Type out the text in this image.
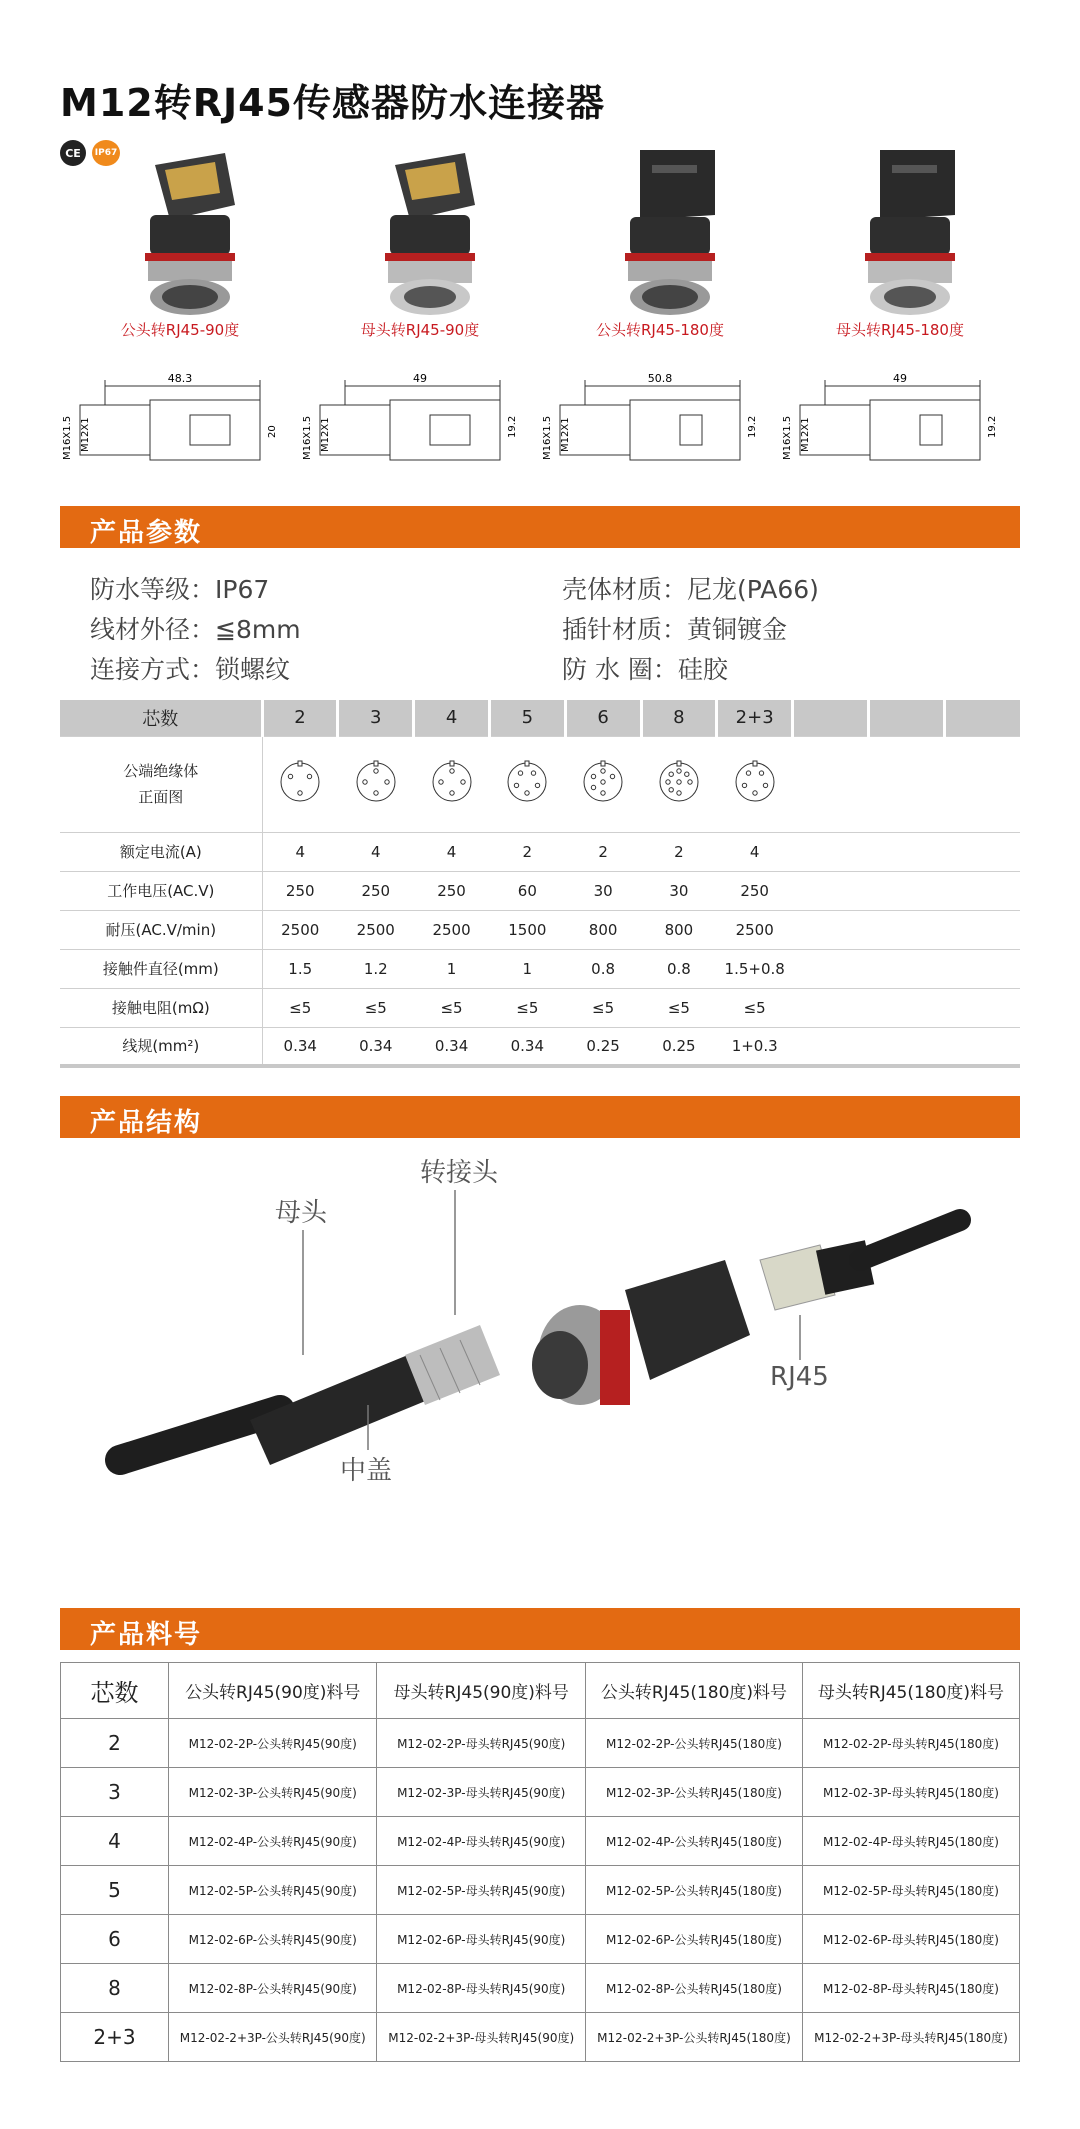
M12转RJ45传感器防水连接器
CE	IP67
公头转RJ45-90度	母头转RJ45-90度	公头转RJ45-180度	母头转RJ45-180度
48.3
M16X1.5 M12X1	20
49
M16X1.5 M12X1	19.2
50.8
M16X1.5 M12X1	19.2
49
M16X1.5 M12X1	19.2
产品参数
防水等级：IP67	壳体材质：尼龙(PA66)
线材外径：≦8mm	插针材质：黄铜镀金
连接方式：锁螺纹	防 水 圈：硅胶
芯数	2	3	4	5	6	8	2+3			

公端绝缘体
正面图

额定电流(A)	4	4	4	2	2	2	4			
工作电压(AC.V)	250	250	250	60	30	30	250			
耐压(AC.V/min)	2500	2500	2500	1500	800	800	2500			
接触件直径(mm)	1.5	1.2	1	1	0.8	0.8	1.5+0.8			
接触电阻(mΩ)	≤5	≤5	≤5	≤5	≤5	≤5	≤5			
线规(mm²)	0.34	0.34	0.34	0.34	0.25	0.25	1+0.3			
产品结构
转接头
母头
RJ45
中盖
产品料号
芯数	公头转RJ45(90度)料号	母头转RJ45(90度)料号	公头转RJ45(180度)料号	母头转RJ45(180度)料号
2	M12-02-2P-公头转RJ45(90度)	M12-02-2P-母头转RJ45(90度)	M12-02-2P-公头转RJ45(180度)	M12-02-2P-母头转RJ45(180度)
3	M12-02-3P-公头转RJ45(90度)	M12-02-3P-母头转RJ45(90度)	M12-02-3P-公头转RJ45(180度)	M12-02-3P-母头转RJ45(180度)
4	M12-02-4P-公头转RJ45(90度)	M12-02-4P-母头转RJ45(90度)	M12-02-4P-公头转RJ45(180度)	M12-02-4P-母头转RJ45(180度)
5	M12-02-5P-公头转RJ45(90度)	M12-02-5P-母头转RJ45(90度)	M12-02-5P-公头转RJ45(180度)	M12-02-5P-母头转RJ45(180度)
6	M12-02-6P-公头转RJ45(90度)	M12-02-6P-母头转RJ45(90度)	M12-02-6P-公头转RJ45(180度)	M12-02-6P-母头转RJ45(180度)
8	M12-02-8P-公头转RJ45(90度)	M12-02-8P-母头转RJ45(90度)	M12-02-8P-公头转RJ45(180度)	M12-02-8P-母头转RJ45(180度)
2+3	M12-02-2+3P-公头转RJ45(90度)	M12-02-2+3P-母头转RJ45(90度)	M12-02-2+3P-公头转RJ45(180度)	M12-02-2+3P-母头转RJ45(180度)
